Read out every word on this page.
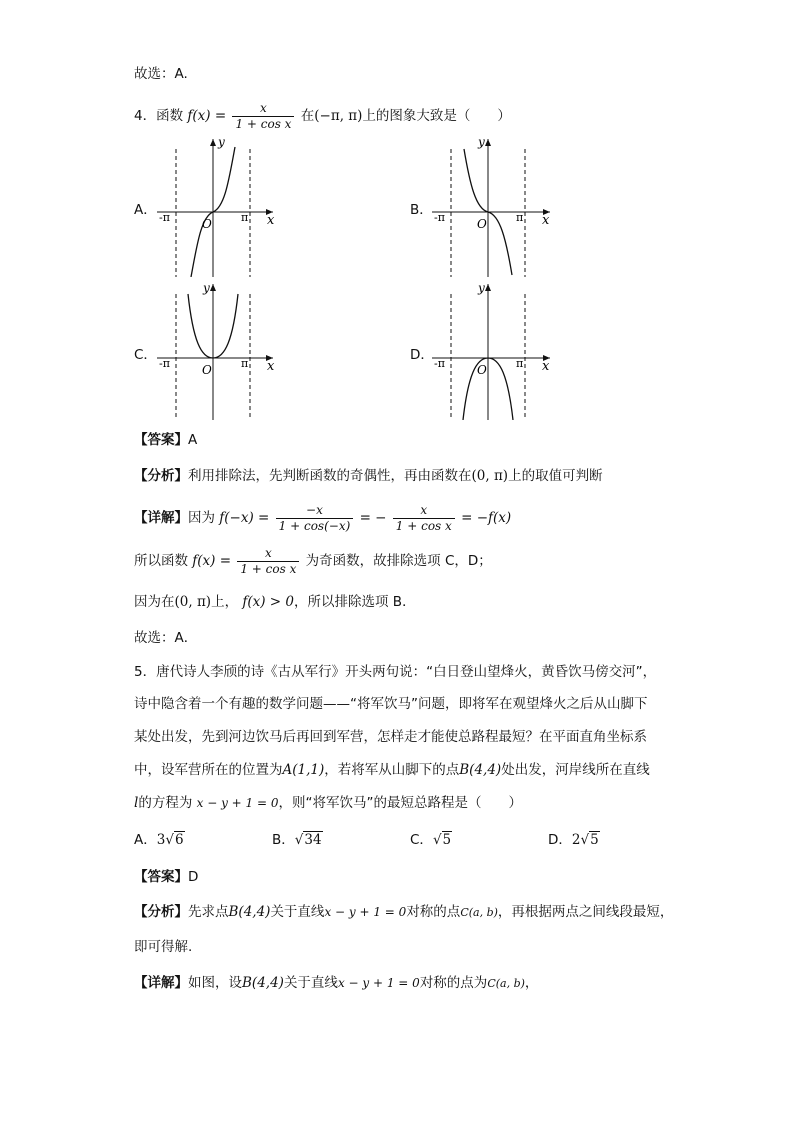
故选：A.
4．函数 $f(x) = \frac{x}{\text{1 + cos x}}$ 在(−π, π)上的图象大致是（　　）
A．
y
x
O
-π	π	B．
y
x
O
-π	π
C．
y
x
O
-π	π
D．
y
x
O
-π	π
【答案】A
【分析】利用排除法，先判断函数的奇偶性，再由函数在(0, π)上的取值可判断
【详解】因为 $f(-x) = \frac{-x}{1 + \cos(-x)}$ = − $\frac{x}{\text{1 + cos x}} = -f(x)$
所以函数 $f(x) = \frac{x}{\text{1 + cos x}}$ 为奇函数，故排除选项 C，D；
因为在(0, π)上， f(x) > 0，所以排除选项 B．
故选：A．
5．唐代诗人李颀的诗《古从军行》开头两句说：“白日登山望烽火，黄昏饮马傍交河”，
诗中隐含着一个有趣的数学问题——“将军饮马”问题，即将军在观望烽火之后从山脚下
某处出发，先到河边饮马后再回到军营，怎样走才能使总路程最短？在平面直角坐标系
中，设军营所在的位置为A(1,1)，若将军从山脚下的点B(4,4)处出发，河岸线所在直线
l的方程为 x − y + 1 = 0，则“将军饮马”的最短总路程是（　　）
A．3√6	B．√34	C．√5	D．2√5
【答案】D
【分析】先求点B(4,4)关于直线x − y + 1 = 0对称的点C(a, b)，再根据两点之间线段最短，
即可得解.
【详解】如图，设B(4,4)关于直线x − y + 1 = 0对称的点为C(a, b)，
